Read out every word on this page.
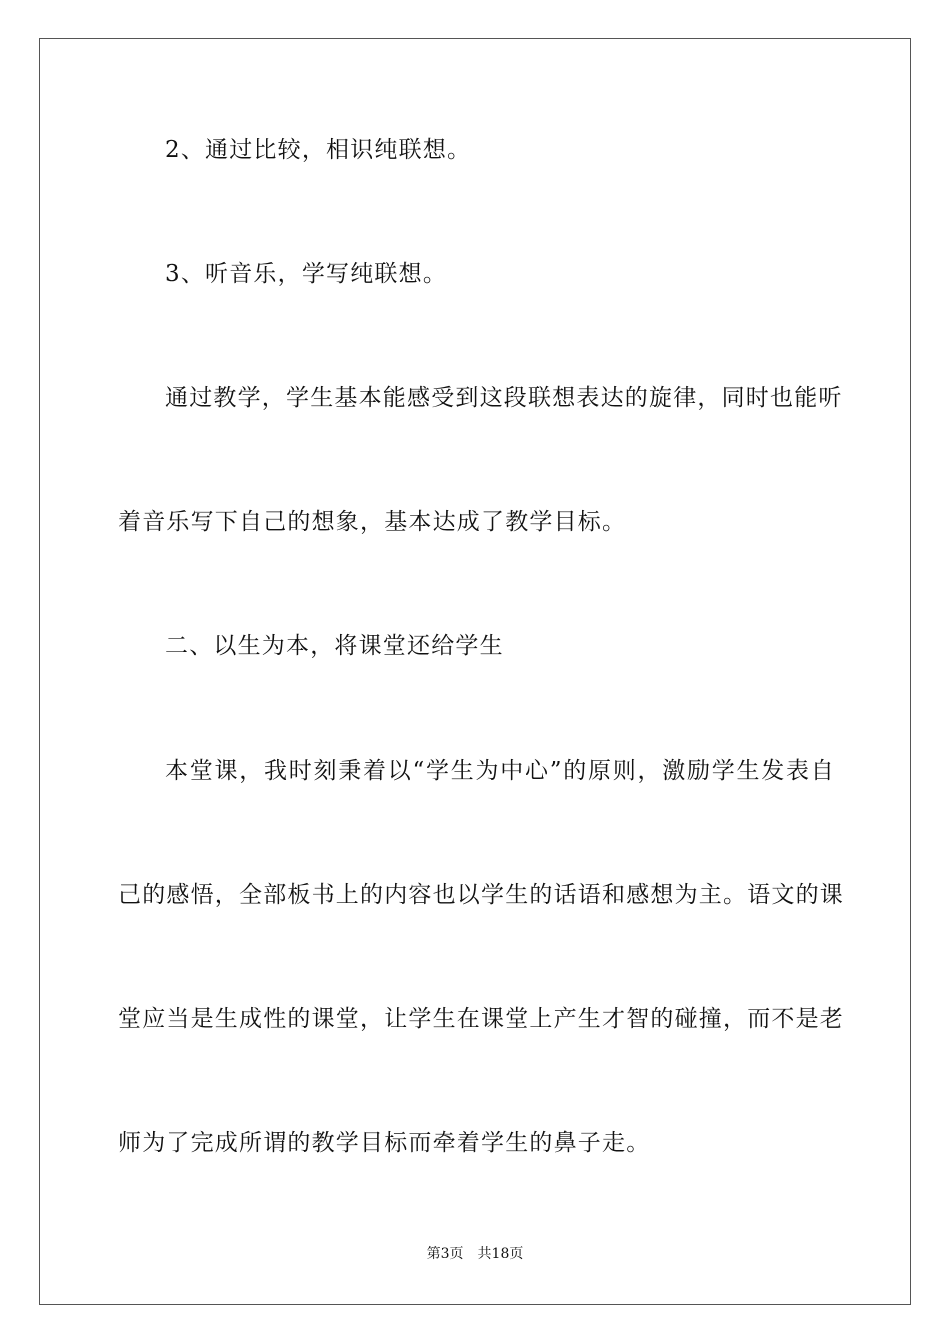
2、通过比较，相识纯联想。
3、听音乐，学写纯联想。
通过教学，学生基本能感受到这段联想表达的旋律，同时也能听
着音乐写下自己的想象，基本达成了教学目标。
二、以生为本，将课堂还给学生
本堂课，我时刻秉着以“学生为中心”的原则，激励学生发表自
己的感悟，全部板书上的内容也以学生的话语和感想为主。语文的课
堂应当是生成性的课堂，让学生在课堂上产生才智的碰撞，而不是老
师为了完成所谓的教学目标而牵着学生的鼻子走。
第3页 共18页
